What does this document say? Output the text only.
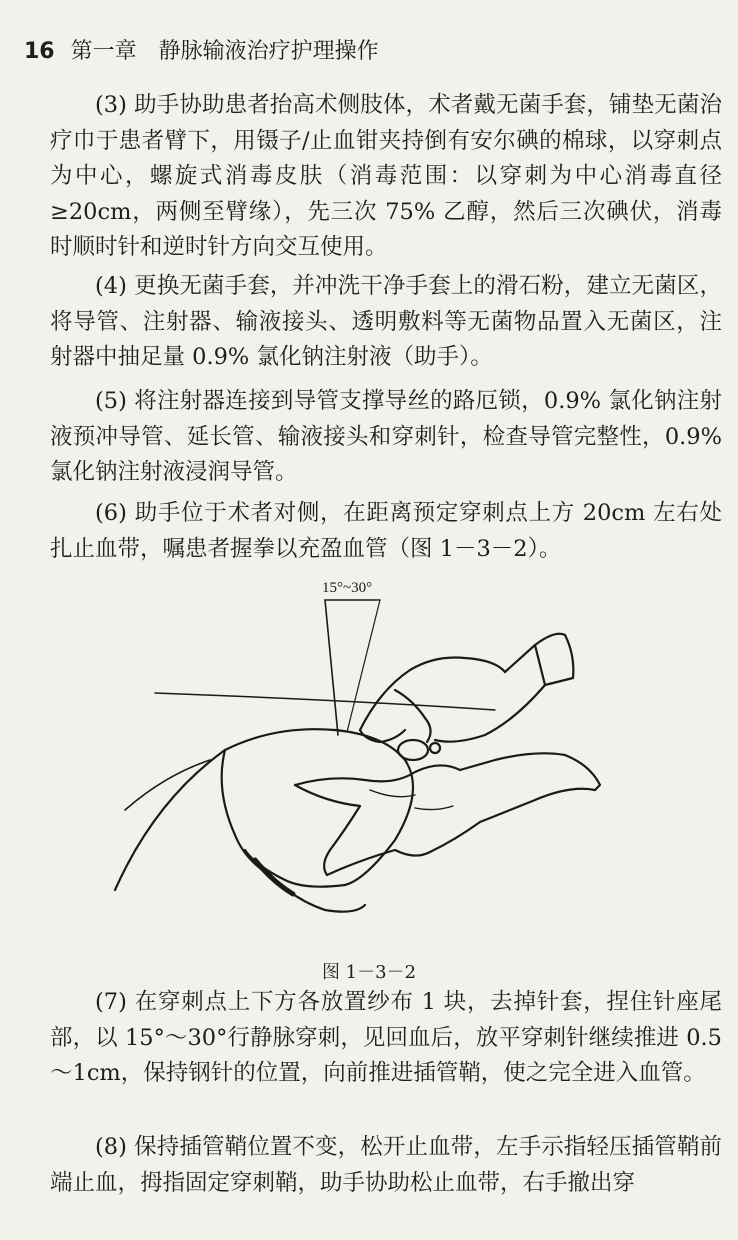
16 第一章 静脉输液治疗护理操作

(3) 助手协助患者抬高术侧肢体，术者戴无菌手套，铺垫无菌治疗巾于患者臂下，用镊子/止血钳夹持倒有安尔碘的棉球，以穿刺点为中心，螺旋式消毒皮肤（消毒范围：以穿刺为中心消毒直径≥20cm，两侧至臂缘），先三次 75% 乙醇，然后三次碘伏，消毒时顺时针和逆时针方向交互使用。

(4) 更换无菌手套，并冲洗干净手套上的滑石粉，建立无菌区，将导管、注射器、输液接头、透明敷料等无菌物品置入无菌区，注射器中抽足量 0.9% 氯化钠注射液（助手）。

(5) 将注射器连接到导管支撑导丝的路厄锁，0.9% 氯化钠注射液预冲导管、延长管、输液接头和穿刺针，检查导管完整性，0.9% 氯化钠注射液浸润导管。

(6) 助手位于术者对侧，在距离预定穿刺点上方 20cm 左右处扎止血带，嘱患者握拳以充盈血管（图 1－3－2）。

15°~30°
图 1－3－2

(7) 在穿刺点上下方各放置纱布 1 块，去掉针套，捏住针座尾部，以 15°～30°行静脉穿刺，见回血后，放平穿刺针继续推进 0.5～1cm，保持钢针的位置，向前推进插管鞘，使之完全进入血管。

(8) 保持插管鞘位置不变，松开止血带，左手示指轻压插管鞘前端止血，拇指固定穿刺鞘，助手协助松止血带，右手撤出穿
